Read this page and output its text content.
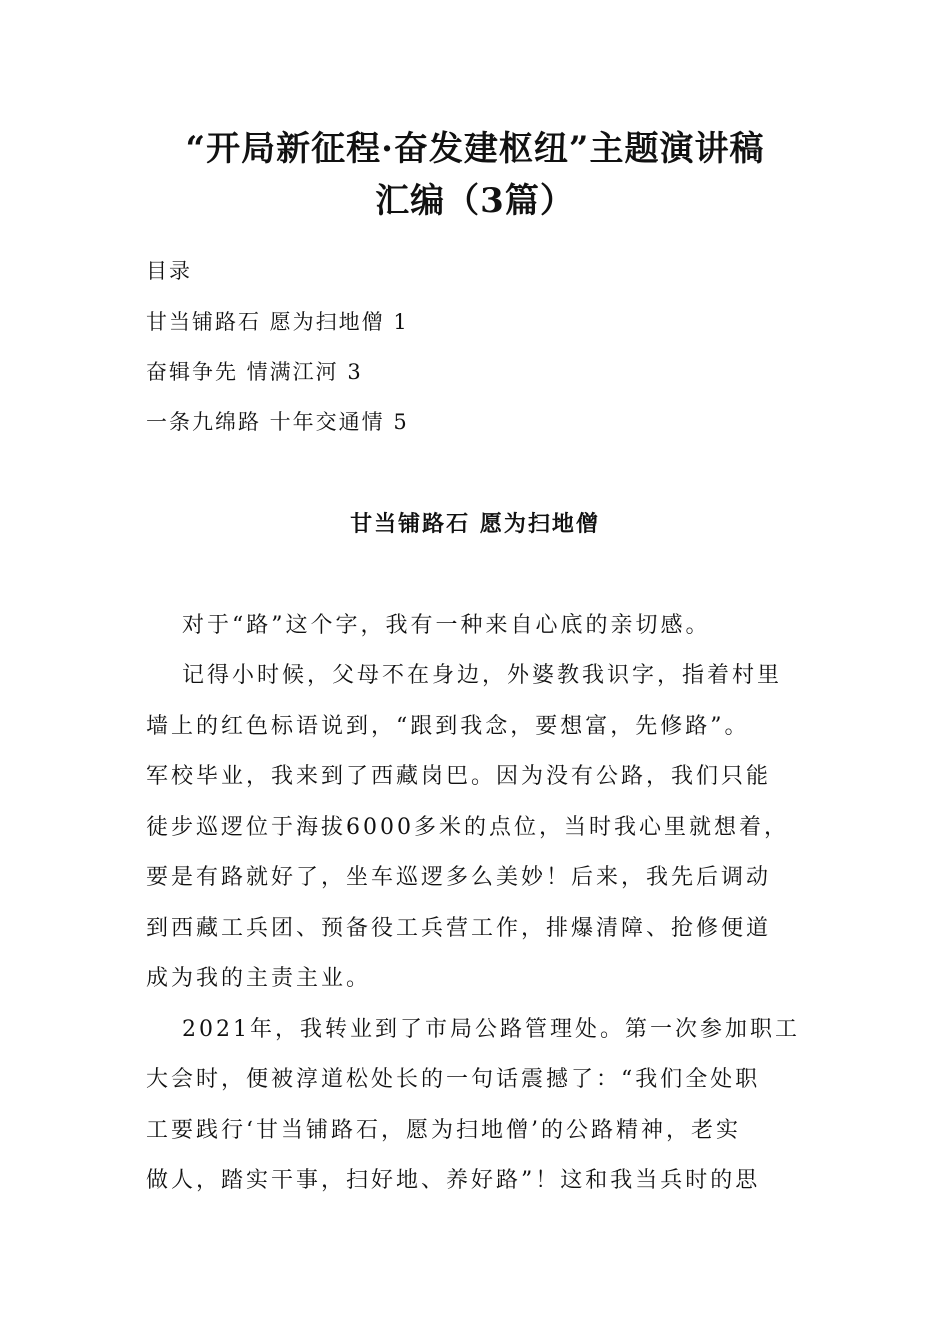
“开局新征程·奋发建枢纽”主题演讲稿
汇编（3篇）

目录

甘当铺路石 愿为扫地僧 1

奋辑争先 情满江河 3

一条九绵路 十年交通情 5

甘当铺路石 愿为扫地僧

对于“路”这个字，我有一种来自心底的亲切感。

记得小时候，父母不在身边，外婆教我识字，指着村里

墙上的红色标语说到，“跟到我念，要想富，先修路”。

军校毕业，我来到了西藏岗巴。因为没有公路，我们只能

徒步巡逻位于海拔6000多米的点位，当时我心里就想着，

要是有路就好了，坐车巡逻多么美妙！后来，我先后调动

到西藏工兵团、预备役工兵营工作，排爆清障、抢修便道

成为我的主责主业。

2021年，我转业到了市局公路管理处。第一次参加职工

大会时，便被淳道松处长的一句话震撼了：“我们全处职

工要践行‘甘当铺路石，愿为扫地僧’的公路精神，老实

做人，踏实干事，扫好地、养好路”！这和我当兵时的思
